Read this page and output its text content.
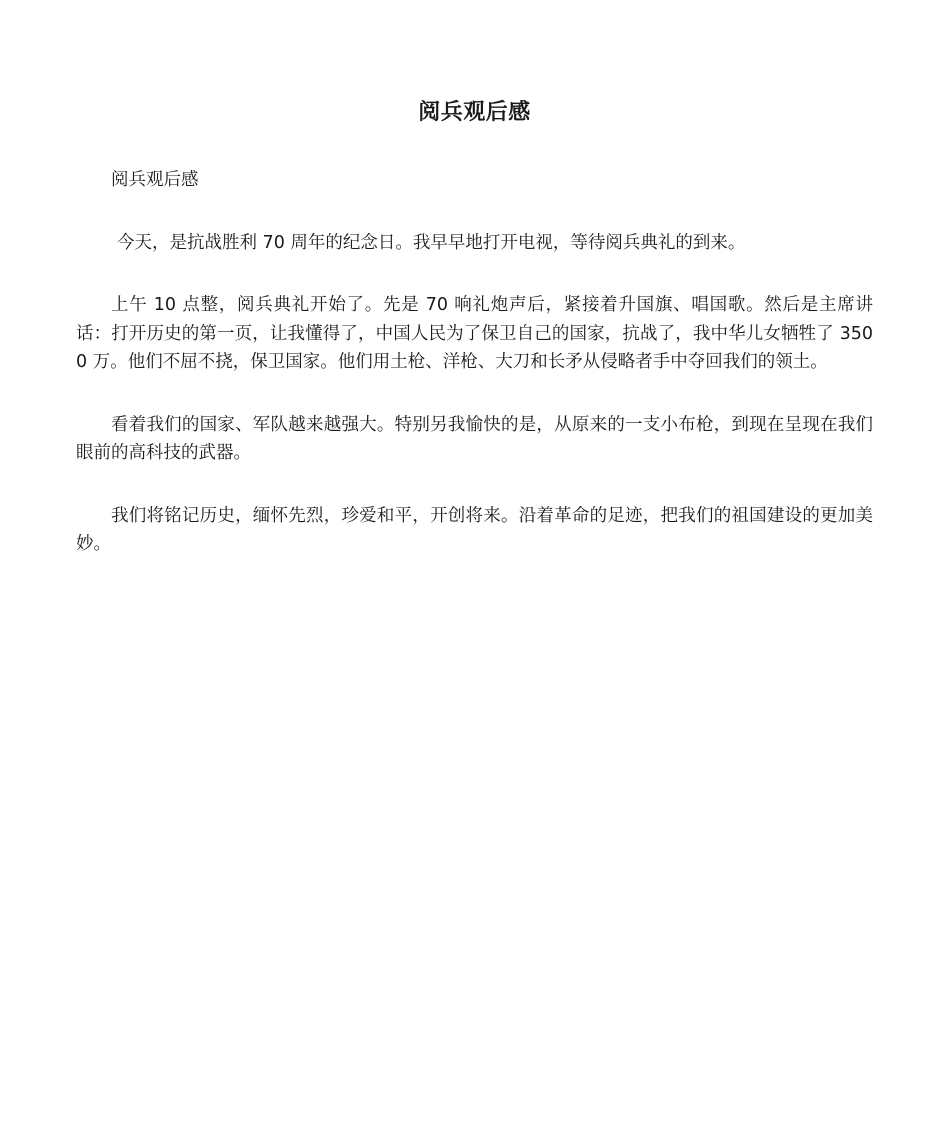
阅兵观后感

阅兵观后感

今天，是抗战胜利 70 周年的纪念日。我早早地打开电视，等待阅兵典礼的到来。

上午 10 点整，阅兵典礼开始了。先是 70 响礼炮声后，紧接着升国旗、唱国歌。然后是主席讲话：打开历史的第一页，让我懂得了，中国人民为了保卫自己的国家，抗战了，我中华儿女牺牲了 3500 万。他们不屈不挠，保卫国家。他们用土枪、洋枪、大刀和长矛从侵略者手中夺回我们的领土。

看着我们的国家、军队越来越强大。特别另我愉快的是，从原来的一支小布枪，到现在呈现在我们眼前的高科技的武器。

我们将铭记历史，缅怀先烈，珍爱和平，开创将来。沿着革命的足迹，把我们的祖国建设的更加美妙。
